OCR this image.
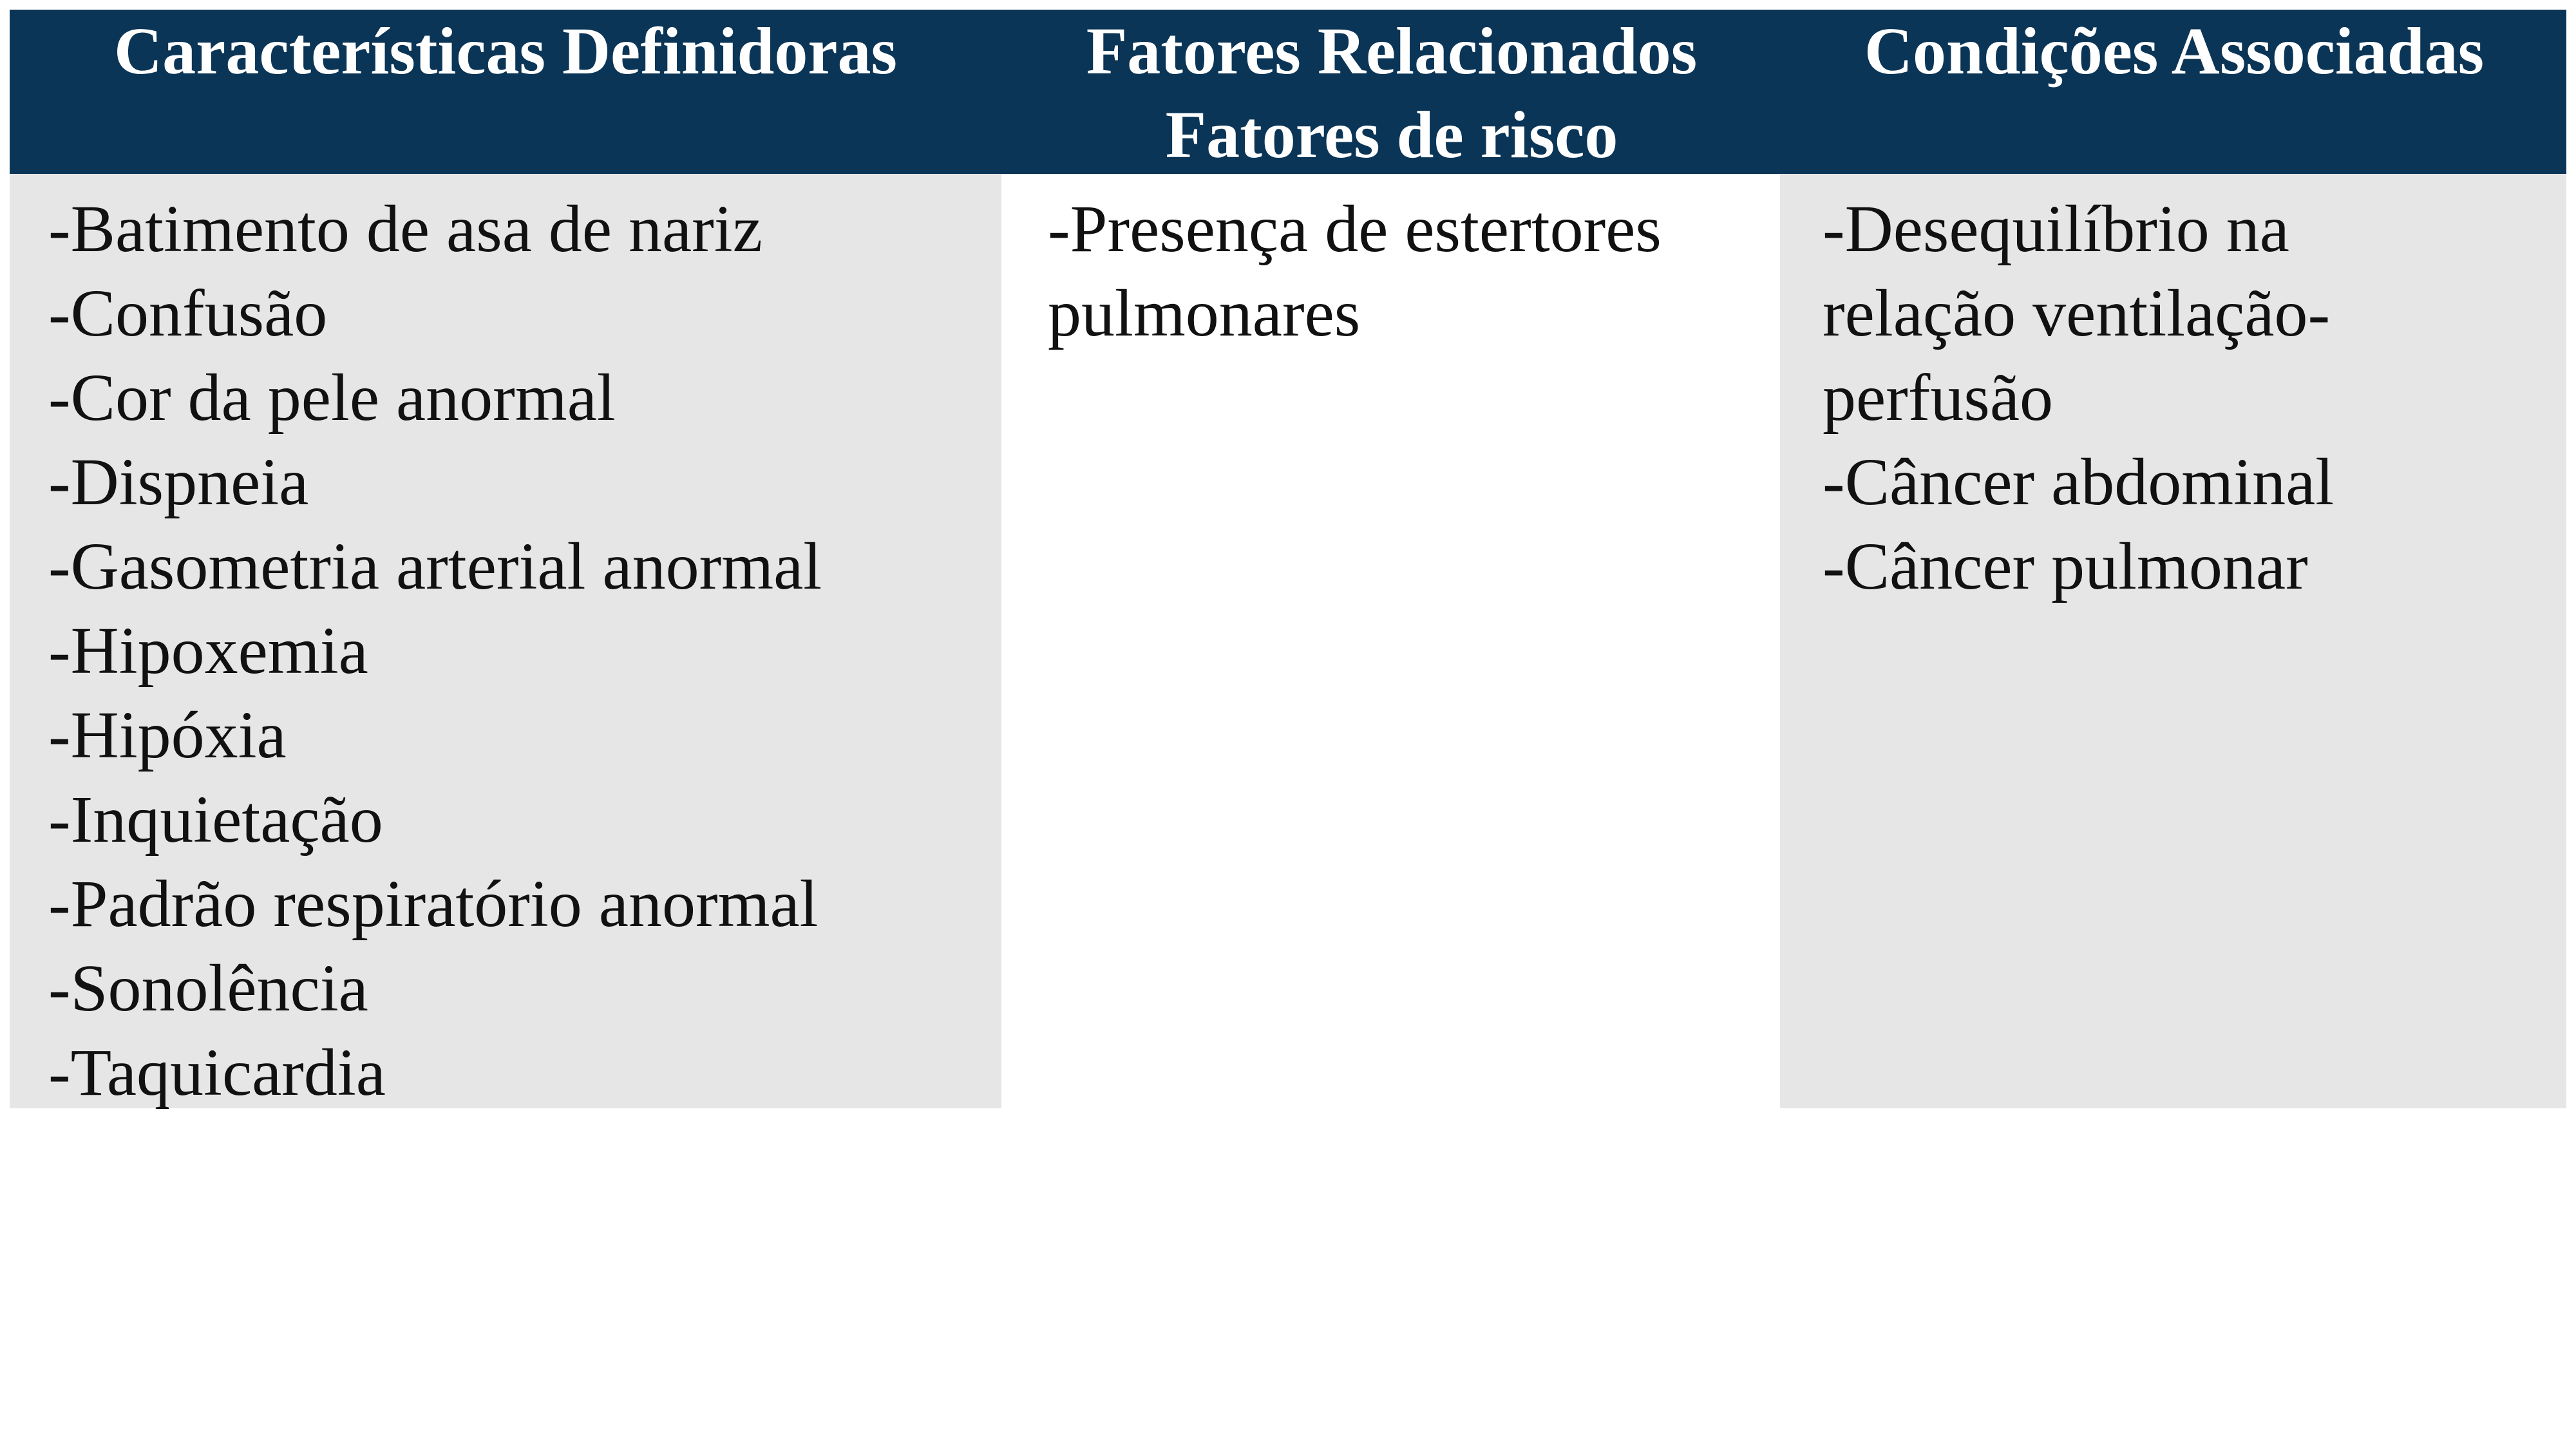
Características Definidoras	Fatores Relacionados
Fatores de risco
Condições Associadas
-Batimento de asa de nariz
-Confusão
-Cor da pele anormal
-Dispneia
-Gasometria arterial anormal
-Hipoxemia
-Hipóxia
-Inquietação
-Padrão respiratório anormal
-Sonolência
-Taquicardia
-Presença de estertores
pulmonares
-Desequilíbrio na
relação ventilação-
perfusão
-Câncer abdominal
-Câncer pulmonar
